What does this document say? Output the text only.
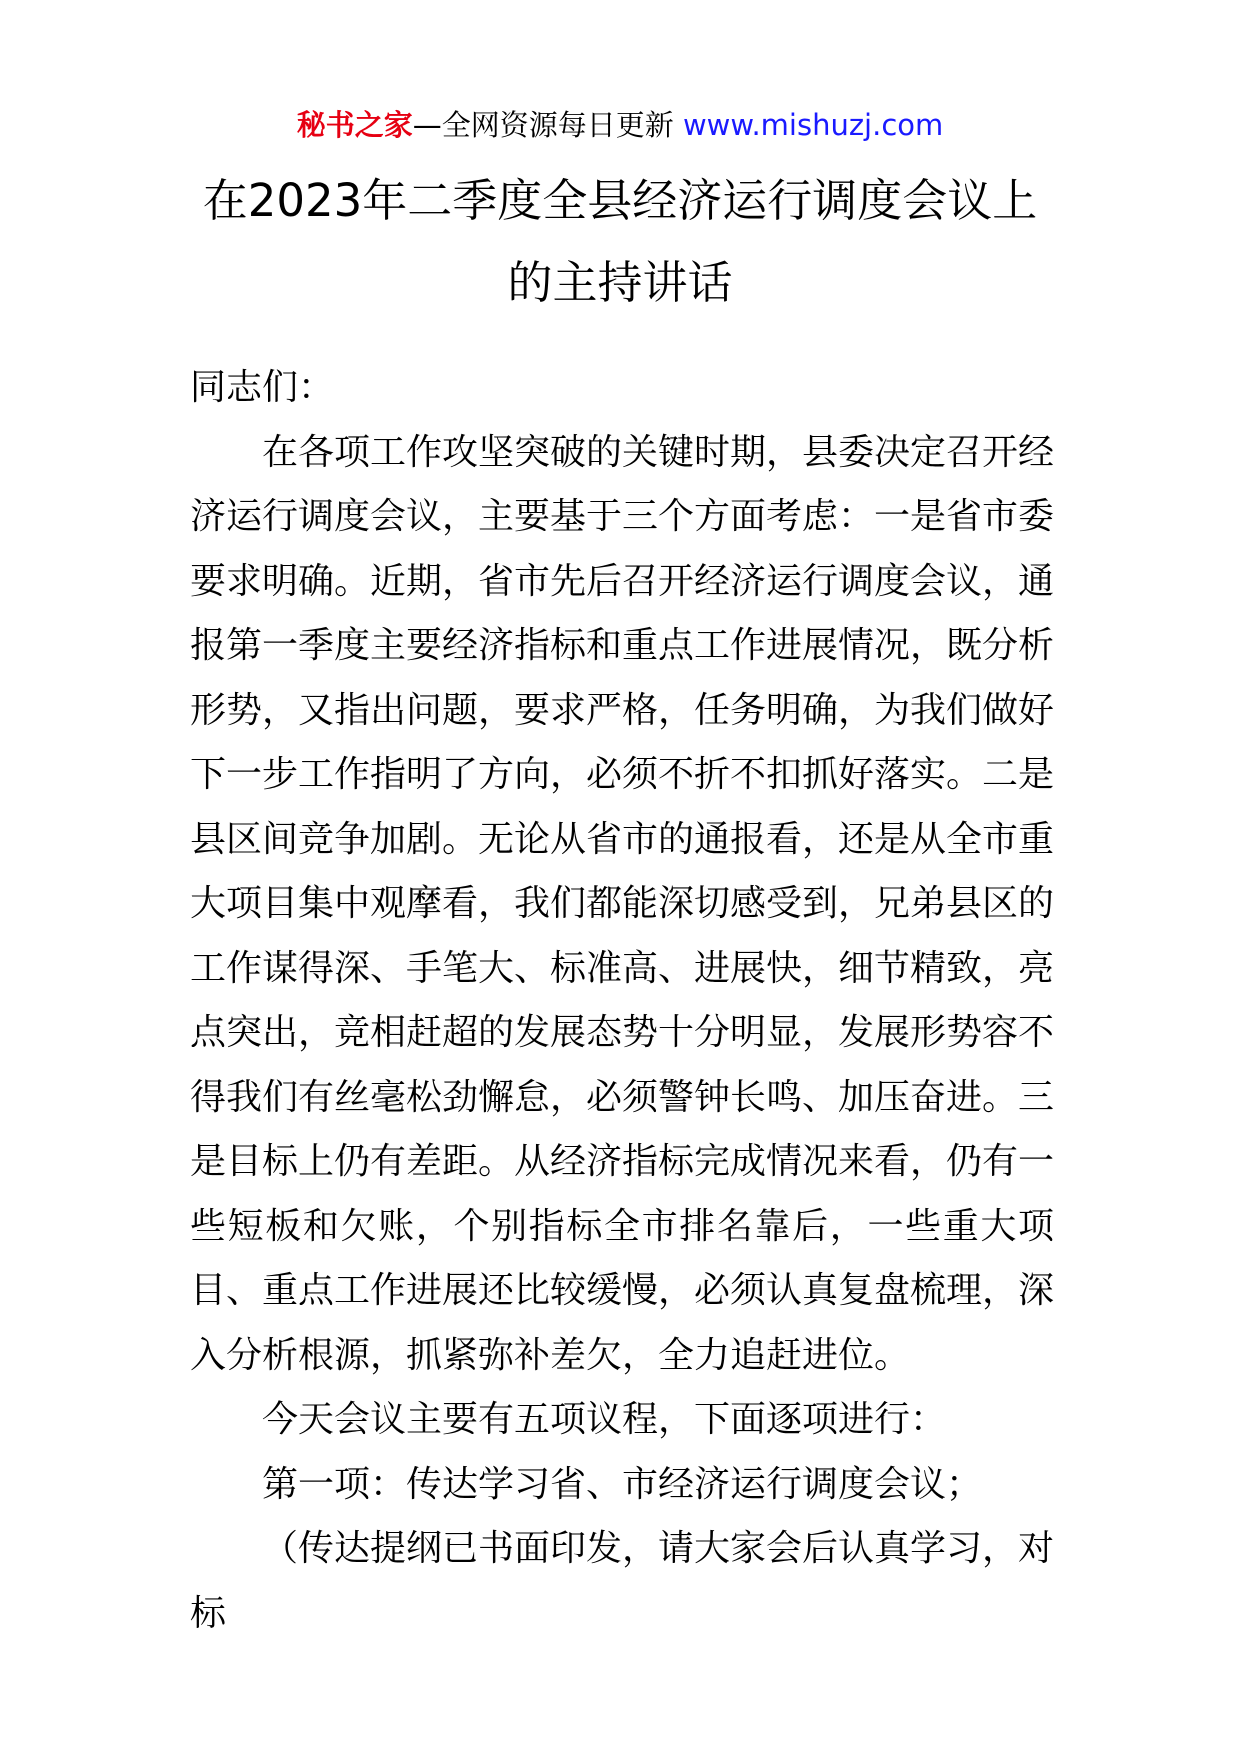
秘书之家—全网资源每日更新 www.mishuzj.com
在2023年二季度全县经济运行调度会议上
的主持讲话

同志们：

在各项工作攻坚突破的关键时期，县委决定召开经济运行调度会议，主要基于三个方面考虑：一是省市委要求明确。近期，省市先后召开经济运行调度会议，通报第一季度主要经济指标和重点工作进展情况，既分析形势，又指出问题，要求严格，任务明确，为我们做好下一步工作指明了方向，必须不折不扣抓好落实。二是县区间竞争加剧。无论从省市的通报看，还是从全市重大项目集中观摩看，我们都能深切感受到，兄弟县区的工作谋得深、手笔大、标准高、进展快，细节精致，亮点突出，竞相赶超的发展态势十分明显，发展形势容不得我们有丝毫松劲懈怠，必须警钟长鸣、加压奋进。三是目标上仍有差距。从经济指标完成情况来看，仍有一些短板和欠账，个别指标全市排名靠后，一些重大项目、重点工作进展还比较缓慢，必须认真复盘梳理，深入分析根源，抓紧弥补差欠，全力追赶进位。

今天会议主要有五项议程，下面逐项进行：

第一项：传达学习省、市经济运行调度会议；

（传达提纲已书面印发，请大家会后认真学习，对标
